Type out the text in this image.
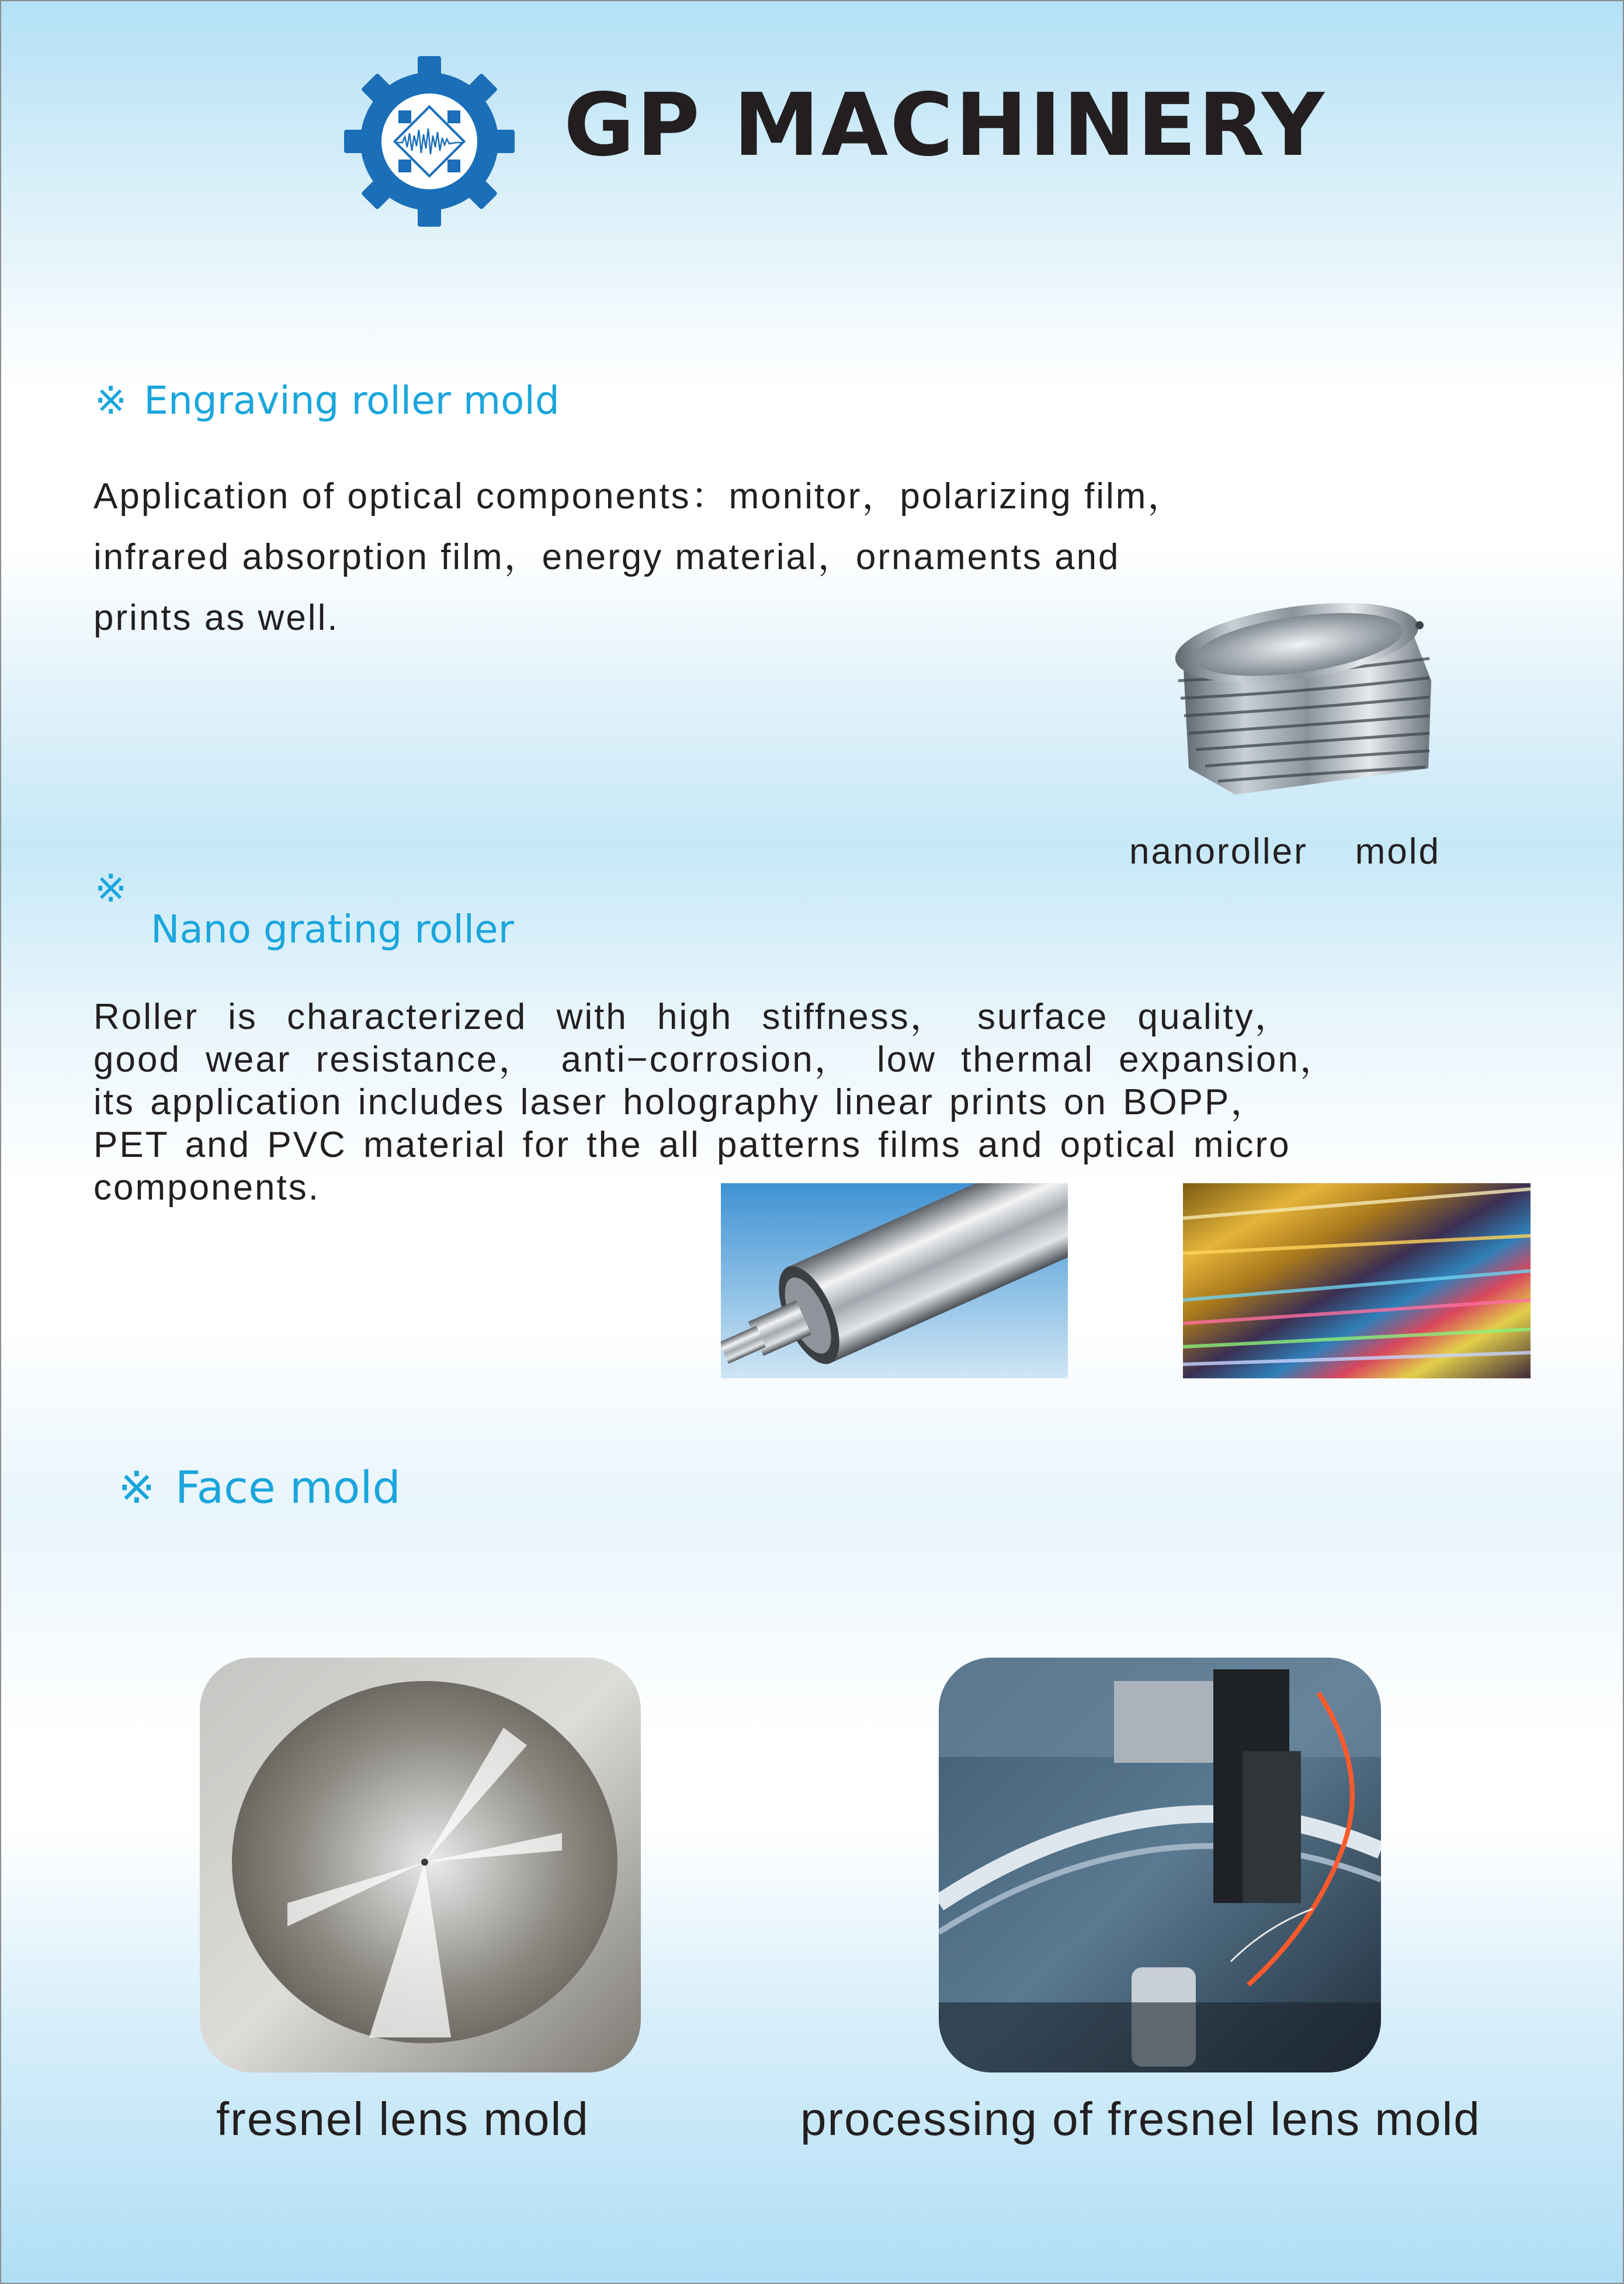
GP MACHINERY
※ Engraving roller mold
Application of optical components：monitor，polarizing film，
infrared absorption film，energy material，ornaments and
prints as well.
nanoroller    mold
※
Nano grating roller
Roller is characterized with high stiffness， surface quality，
good wear resistance， anti−corrosion， low thermal expansion，
its application includes laser holography linear prints on BOPP，
PET and PVC material for the all patterns films and optical micro
components.
※ Face mold
fresnel lens mold	processing of fresnel lens mold
